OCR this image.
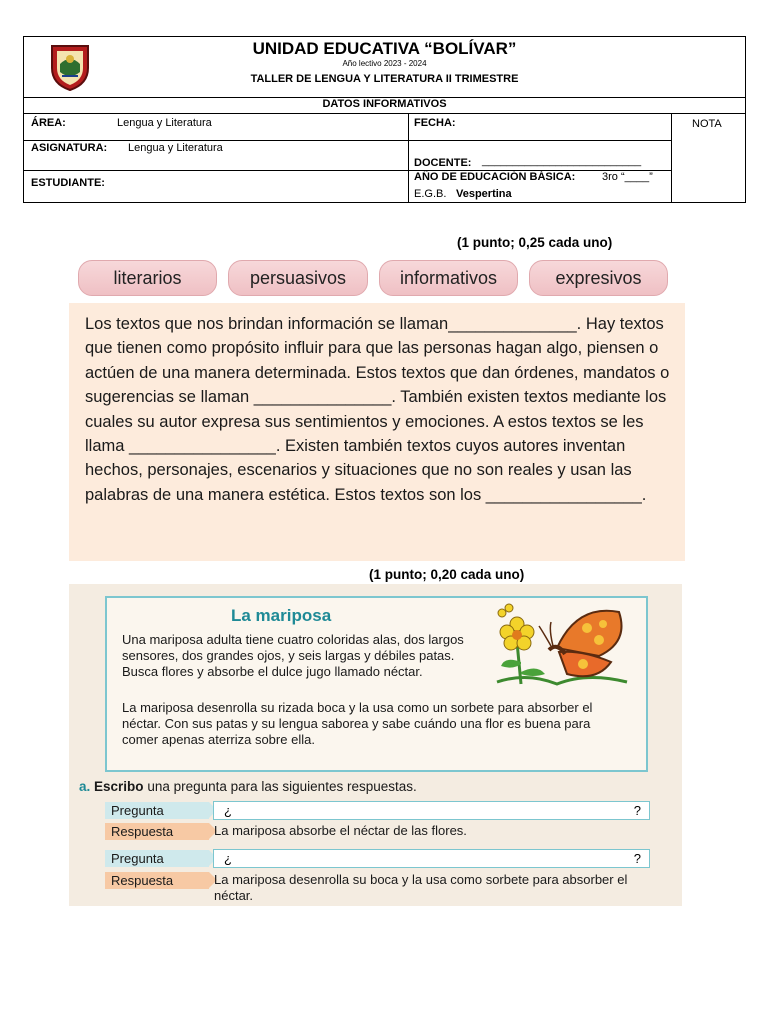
UNIDAD EDUCATIVA “BOLÍVAR”
Año lectivo 2023 - 2024
TALLER DE LENGUA Y LITERATURA II TRIMESTRE
DATOS INFORMATIVOS
ÁREA:	Lengua y Literatura	FECHA:	NOTA
ASIGNATURA: Lengua y Literatura
DOCENTE: __________________________
ESTUDIANTE:	AÑO DE EDUCACIÓN BÁSICA: 3ro “____”
E.G.B. Vespertina
(1 punto; 0,25 cada uno)
literarios	persuasivos	informativos	expresivos
Los textos que nos brindan información se llaman______________. Hay textos que tienen como propósito influir para que las personas hagan algo, piensen o actúen de una manera determinada. Estos textos que dan órdenes, mandatos o sugerencias se llaman _______________. También existen textos mediante los cuales su autor expresa sus sentimientos y emociones. A estos textos se les llama ________________. Existen también textos cuyos autores inventan hechos, personajes, escenarios y situaciones que no son reales y usan las palabras de una manera estética. Estos textos son los _________________.
(1 punto; 0,20 cada uno)
La mariposa
Una mariposa adulta tiene cuatro coloridas alas, dos largos sensores, dos grandes ojos, y seis largas y débiles patas. Busca flores y absorbe el dulce jugo llamado néctar.
La mariposa desenrolla su rizada boca y la usa como un sorbete para absorber el néctar. Con sus patas y su lengua saborea y sabe cuándo una flor es buena para comer apenas aterriza sobre ella.
a. Escribo una pregunta para las siguientes respuestas.
Pregunta	¿	?
Respuesta	La mariposa absorbe el néctar de las flores.
Pregunta	¿	?
Respuesta	La mariposa desenrolla su boca y la usa como sorbete para absorber el néctar.
